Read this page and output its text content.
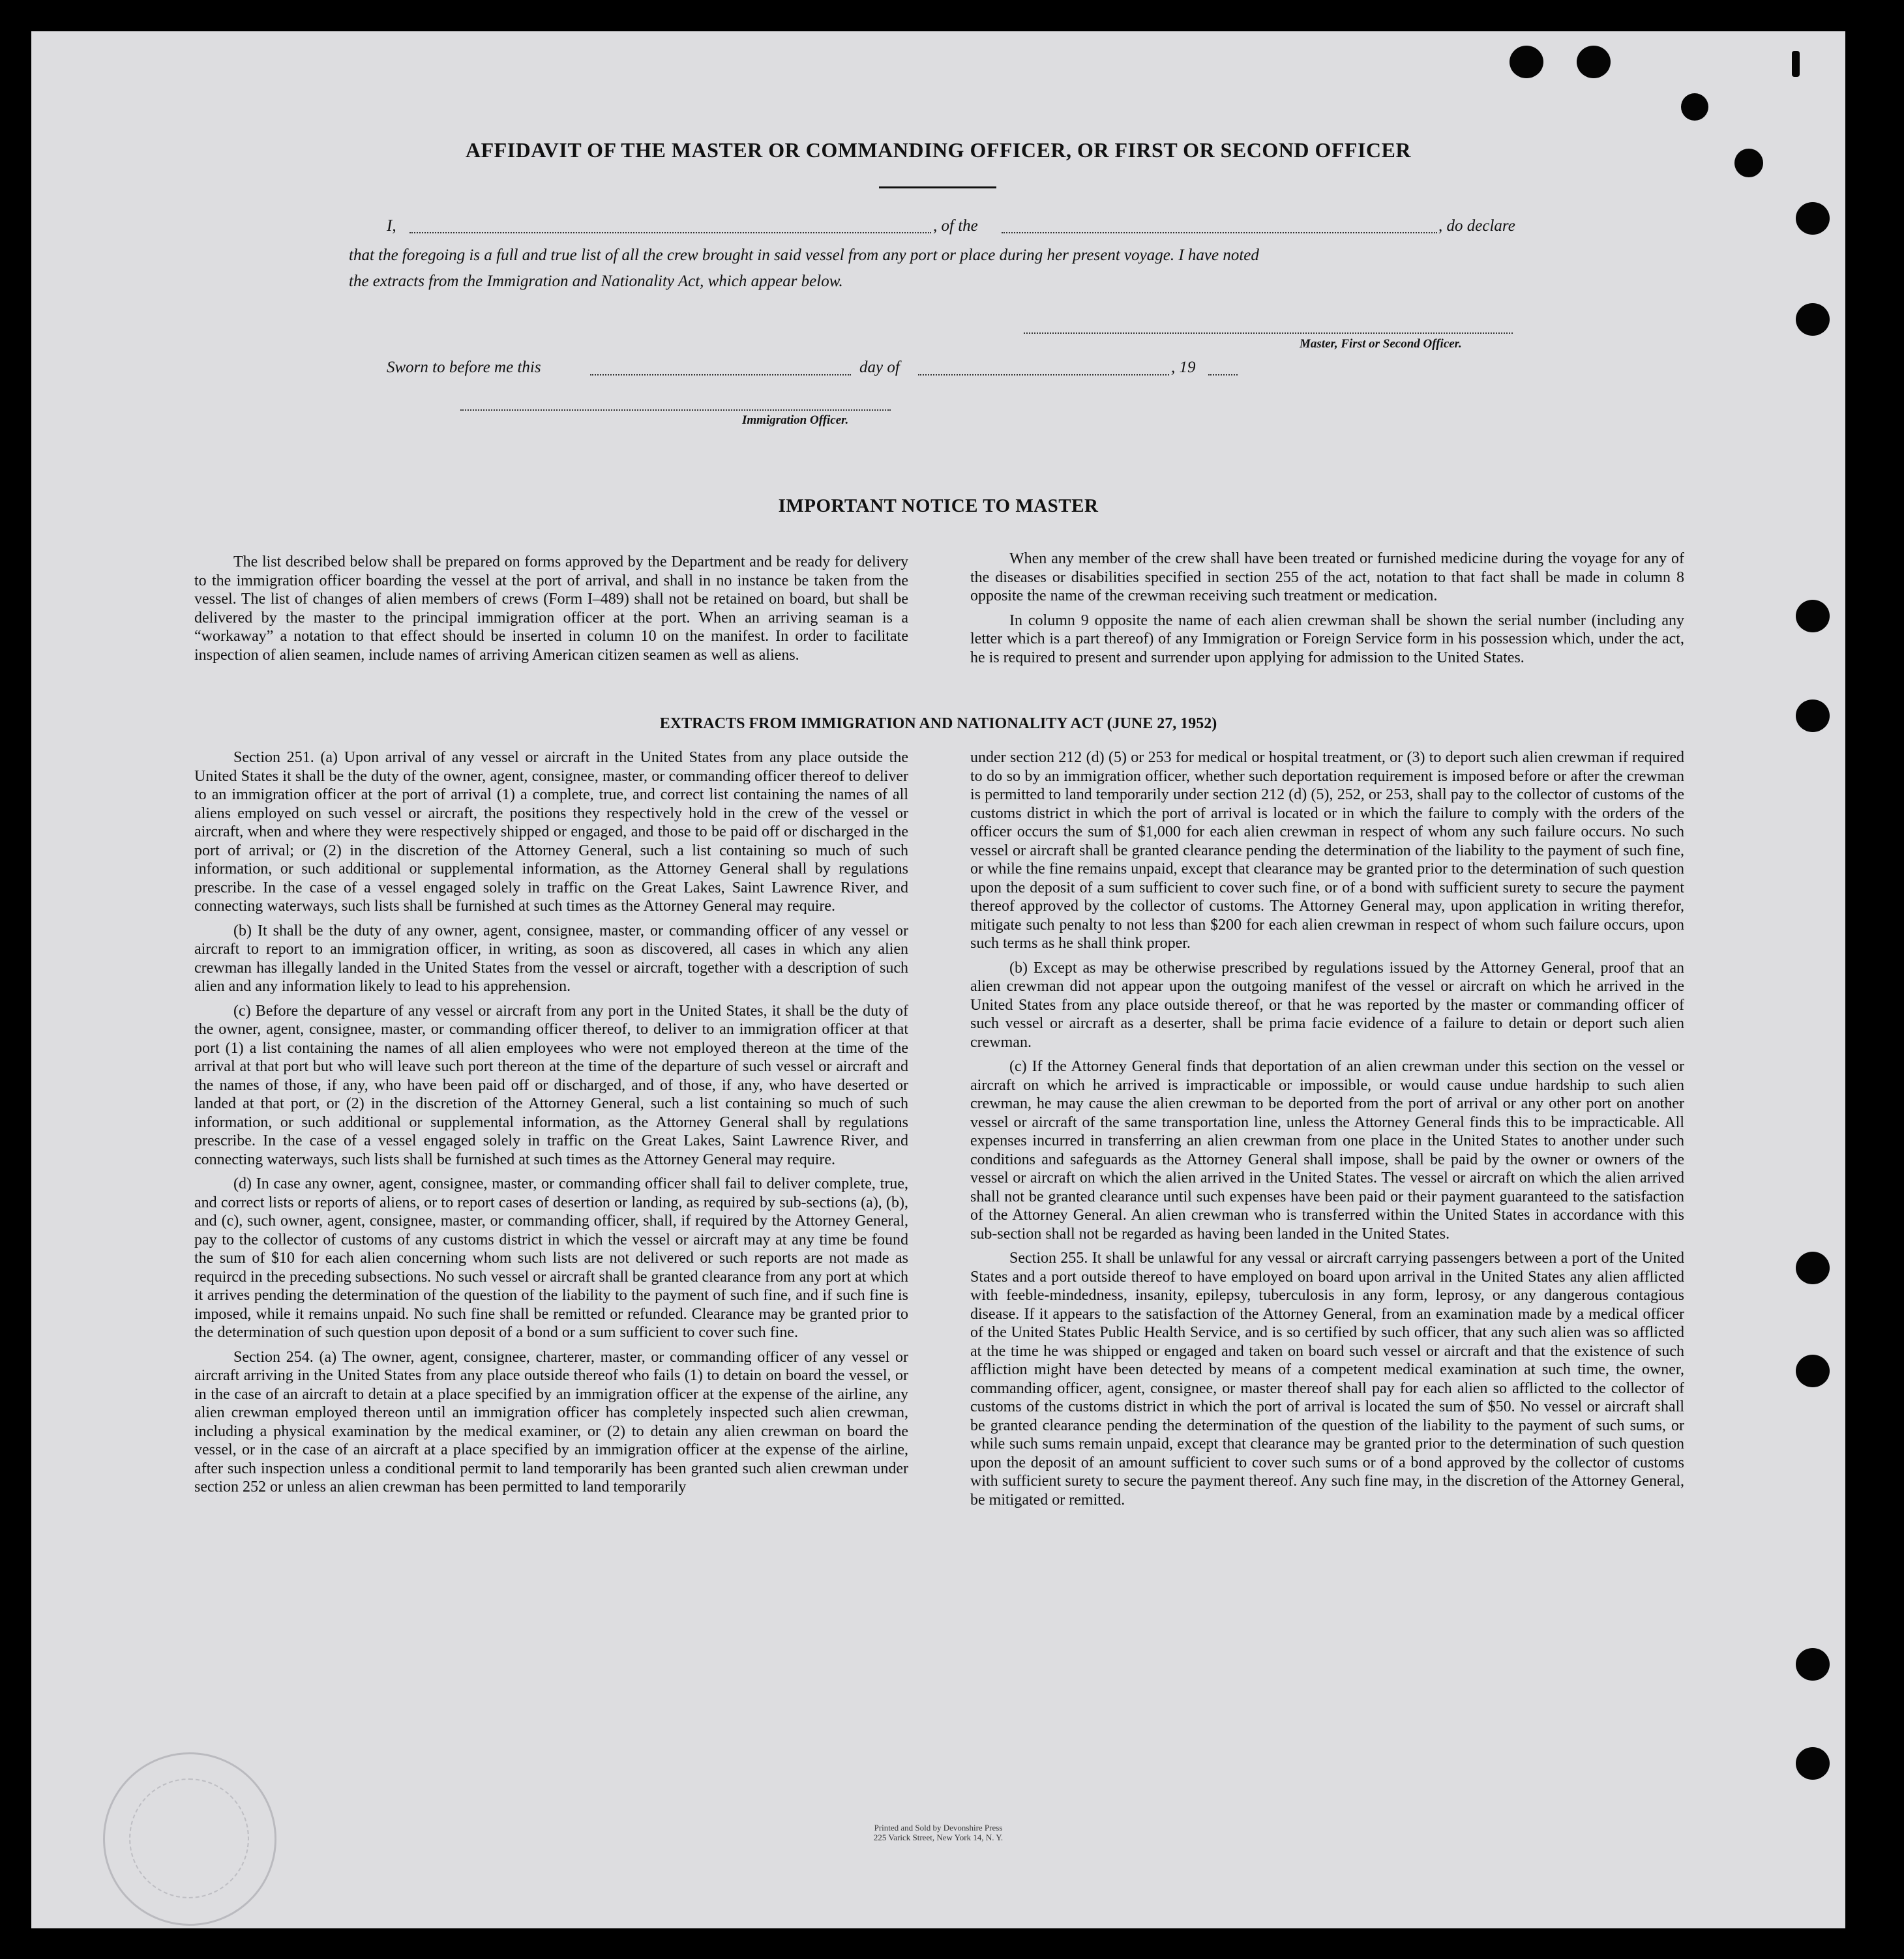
AFFIDAVIT OF THE MASTER OR COMMANDING OFFICER, OR FIRST OR SECOND OFFICER
I,	, of the	, do declare
that the foregoing is a full and true list of all the crew brought in said vessel from any port or place during her present voyage. I have noted
the extracts from the Immigration and Nationality Act, which appear below.
Master, First or Second Officer.
Sworn to before me this	day of	, 19
Immigration Officer.
IMPORTANT NOTICE TO MASTER

The list described below shall be prepared on forms approved by the Department and be ready for delivery to the immigration officer boarding the vessel at the port of arrival, and shall in no instance be taken from the vessel. The list of changes of alien members of crews (Form I–489) shall not be retained on board, but shall be delivered by the master to the principal immigration officer at the port. When an arriving seaman is a “workaway” a notation to that effect should be inserted in column 10 on the manifest. In order to facilitate inspection of alien seamen, include names of arriving American citizen seamen as well as aliens.

When any member of the crew shall have been treated or furnished medicine during the voyage for any of the diseases or disabilities specified in section 255 of the act, notation to that fact shall be made in column 8 opposite the name of the crewman receiving such treatment or medication.

In column 9 opposite the name of each alien crewman shall be shown the serial number (including any letter which is a part thereof) of any Immigration or Foreign Service form in his possession which, under the act, he is required to present and surrender upon applying for admission to the United States.

EXTRACTS FROM IMMIGRATION AND NATIONALITY ACT (JUNE 27, 1952)

Section 251. (a) Upon arrival of any vessel or aircraft in the United States from any place outside the United States it shall be the duty of the owner, agent, consignee, master, or commanding officer thereof to deliver to an immigration officer at the port of arrival (1) a complete, true, and correct list containing the names of all aliens employed on such vessel or aircraft, the positions they respectively hold in the crew of the vessel or aircraft, when and where they were respectively shipped or engaged, and those to be paid off or discharged in the port of arrival; or (2) in the discretion of the Attorney General, such a list containing so much of such information, or such additional or supplemental information, as the Attorney General shall by regulations prescribe. In the case of a vessel engaged solely in traffic on the Great Lakes, Saint Lawrence River, and connecting waterways, such lists shall be furnished at such times as the Attorney General may require.

(b) It shall be the duty of any owner, agent, consignee, master, or commanding officer of any vessel or aircraft to report to an immigration officer, in writing, as soon as discovered, all cases in which any alien crewman has illegally landed in the United States from the vessel or aircraft, together with a description of such alien and any information likely to lead to his apprehension.

(c) Before the departure of any vessel or aircraft from any port in the United States, it shall be the duty of the owner, agent, consignee, master, or commanding officer thereof, to deliver to an immigration officer at that port (1) a list containing the names of all alien employees who were not employed thereon at the time of the arrival at that port but who will leave such port thereon at the time of the departure of such vessel or aircraft and the names of those, if any, who have been paid off or discharged, and of those, if any, who have deserted or landed at that port, or (2) in the discretion of the Attorney General, such a list containing so much of such information, or such additional or supplemental information, as the Attorney General shall by regulations prescribe. In the case of a vessel engaged solely in traffic on the Great Lakes, Saint Lawrence River, and connecting waterways, such lists shall be furnished at such times as the Attorney General may require.

(d) In case any owner, agent, consignee, master, or commanding officer shall fail to deliver complete, true, and correct lists or reports of aliens, or to report cases of desertion or landing, as required by sub-sections (a), (b), and (c), such owner, agent, consignee, master, or commanding officer, shall, if required by the Attorney General, pay to the collector of customs of any customs district in which the vessel or aircraft may at any time be found the sum of $10 for each alien concerning whom such lists are not delivered or such reports are not made as requircd in the preceding subsections. No such vessel or aircraft shall be granted clearance from any port at which it arrives pending the determination of the question of the liability to the payment of such fine, and if such fine is imposed, while it remains unpaid. No such fine shall be remitted or refunded. Clearance may be granted prior to the determination of such question upon deposit of a bond or a sum sufficient to cover such fine.

Section 254. (a) The owner, agent, consignee, charterer, master, or commanding officer of any vessel or aircraft arriving in the United States from any place outside thereof who fails (1) to detain on board the vessel, or in the case of an aircraft to detain at a place specified by an immigration officer at the expense of the airline, any alien crewman employed thereon until an immigration officer has completely inspected such alien crewman, including a physical examination by the medical examiner, or (2) to detain any alien crewman on board the vessel, or in the case of an aircraft at a place specified by an immigration officer at the expense of the airline, after such inspection unless a conditional permit to land temporarily has been granted such alien crewman under section 252 or unless an alien crewman has been permitted to land temporarily

under section 212 (d) (5) or 253 for medical or hospital treatment, or (3) to deport such alien crewman if required to do so by an immigration officer, whether such deportation requirement is imposed before or after the crewman is permitted to land temporarily under section 212 (d) (5), 252, or 253, shall pay to the collector of customs of the customs district in which the port of arrival is located or in which the failure to comply with the orders of the officer occurs the sum of $1,000 for each alien crewman in respect of whom any such failure occurs. No such vessel or aircraft shall be granted clearance pending the determination of the liability to the payment of such fine, or while the fine remains unpaid, except that clearance may be granted prior to the determination of such question upon the deposit of a sum sufficient to cover such fine, or of a bond with sufficient surety to secure the payment thereof approved by the collector of customs. The Attorney General may, upon application in writing therefor, mitigate such penalty to not less than $200 for each alien crewman in respect of whom such failure occurs, upon such terms as he shall think proper.

(b) Except as may be otherwise prescribed by regulations issued by the Attorney General, proof that an alien crewman did not appear upon the outgoing manifest of the vessel or aircraft on which he arrived in the United States from any place outside thereof, or that he was reported by the master or commanding officer of such vessel or aircraft as a deserter, shall be prima facie evidence of a failure to detain or deport such alien crewman.

(c) If the Attorney General finds that deportation of an alien crewman under this section on the vessel or aircraft on which he arrived is impracticable or impossible, or would cause undue hardship to such alien crewman, he may cause the alien crewman to be deported from the port of arrival or any other port on another vessel or aircraft of the same transportation line, unless the Attorney General finds this to be impracticable. All expenses incurred in transferring an alien crewman from one place in the United States to another under such conditions and safeguards as the Attorney General shall impose, shall be paid by the owner or owners of the vessel or aircraft on which the alien arrived in the United States. The vessel or aircraft on which the alien arrived shall not be granted clearance until such expenses have been paid or their payment guaranteed to the satisfaction of the Attorney General. An alien crewman who is transferred within the United States in accordance with this sub-section shall not be regarded as having been landed in the United States.

Section 255. It shall be unlawful for any vessal or aircraft carrying passengers between a port of the United States and a port outside thereof to have employed on board upon arrival in the United States any alien afflicted with feeble-mindedness, insanity, epilepsy, tuberculosis in any form, leprosy, or any dangerous contagious disease. If it appears to the satisfaction of the Attorney General, from an examination made by a medical officer of the United States Public Health Service, and is so certified by such officer, that any such alien was so afflicted at the time he was shipped or engaged and taken on board such vessel or aircraft and that the existence of such affliction might have been detected by means of a competent medical examination at such time, the owner, commanding officer, agent, consignee, or master thereof shall pay for each alien so afflicted to the collector of customs of the customs district in which the port of arrival is located the sum of $50. No vessel or aircraft shall be granted clearance pending the determination of the question of the liability to the payment of such sums, or while such sums remain unpaid, except that clearance may be granted prior to the determination of such question upon the deposit of an amount sufficient to cover such sums or of a bond approved by the collector of customs with sufficient surety to secure the payment thereof. Any such fine may, in the discretion of the Attorney General, be mitigated or remitted.

Printed and Sold by Devonshire Press
225 Varick Street, New York 14, N. Y.
